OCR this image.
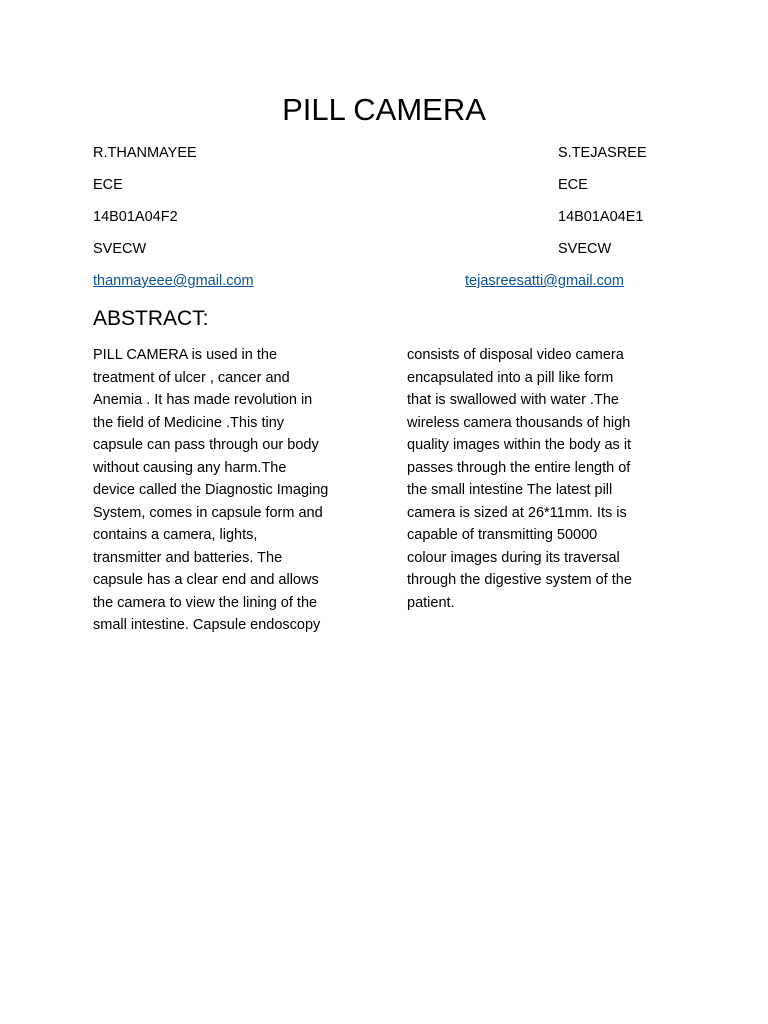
PILL CAMERA
R.THANMAYEE
ECE
14B01A04F2
SVECW
thanmayeee@gmail.com
S.TEJASREE
ECE
14B01A04E1
SVECW
tejasreesatti@gmail.com
ABSTRACT:
PILL CAMERA is used in the
treatment of ulcer , cancer and
Anemia . It has made revolution in
the field of Medicine .This tiny
capsule can pass through our body
without causing any harm.The
device called the Diagnostic Imaging
System, comes in capsule form and
contains a camera, lights,
transmitter and batteries. The
capsule has a clear end and allows
the camera to view the lining of the
small intestine. Capsule endoscopy
consists of disposal video camera
encapsulated into a pill like form
that is swallowed with water .The
wireless camera thousands of high
quality images within the body as it
passes through the entire length of
the small intestine The latest pill
camera is sized at 26*11mm. Its is
capable of transmitting 50000
colour images during its traversal
through the digestive system of the
patient.
